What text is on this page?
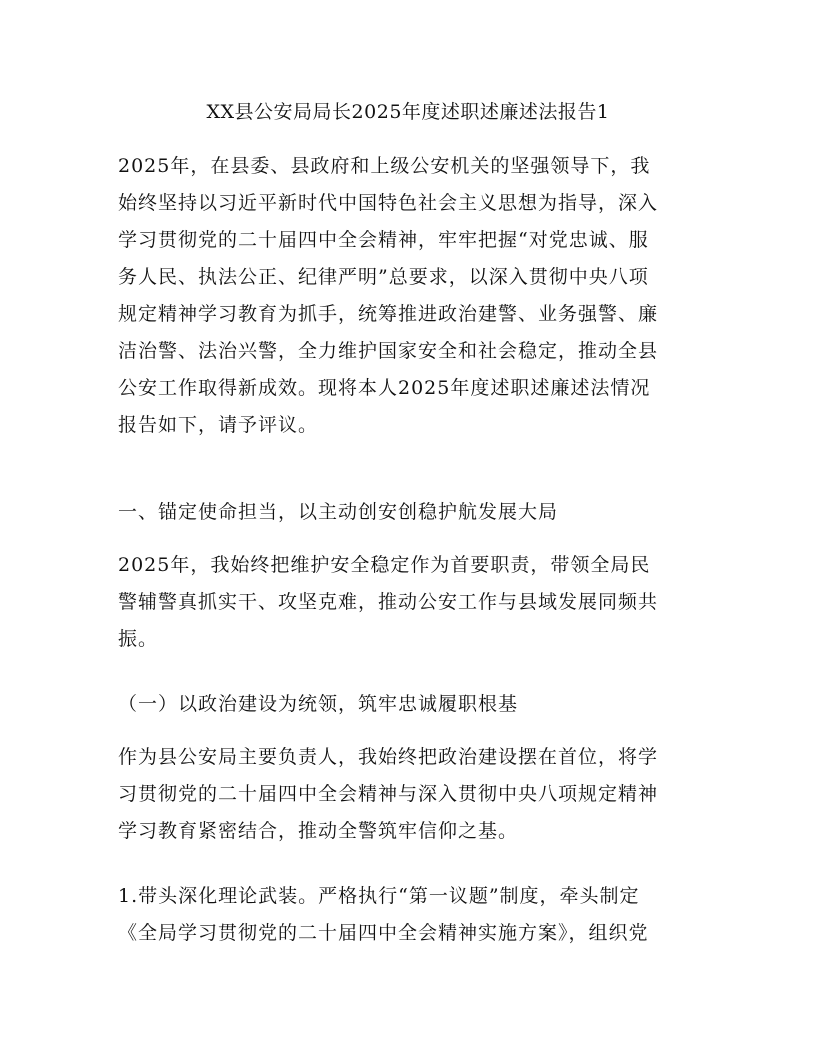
XX县公安局局长2025年度述职述廉述法报告1

2025年，在县委、县政府和上级公安机关的坚强领导下，我
始终坚持以习近平新时代中国特色社会主义思想为指导，深入
学习贯彻党的二十届四中全会精神，牢牢把握“对党忠诚、服
务人民、执法公正、纪律严明”总要求，以深入贯彻中央八项
规定精神学习教育为抓手，统筹推进政治建警、业务强警、廉
洁治警、法治兴警，全力维护国家安全和社会稳定，推动全县
公安工作取得新成效。现将本人2025年度述职述廉述法情况
报告如下，请予评议。

一、锚定使命担当，以主动创安创稳护航发展大局

2025年，我始终把维护安全稳定作为首要职责，带领全局民
警辅警真抓实干、攻坚克难，推动公安工作与县域发展同频共
振。

（一）以政治建设为统领，筑牢忠诚履职根基

作为县公安局主要负责人，我始终把政治建设摆在首位，将学
习贯彻党的二十届四中全会精神与深入贯彻中央八项规定精神
学习教育紧密结合，推动全警筑牢信仰之基。

1.带头深化理论武装。严格执行“第一议题”制度，牵头制定
《全局学习贯彻党的二十届四中全会精神实施方案》，组织党
